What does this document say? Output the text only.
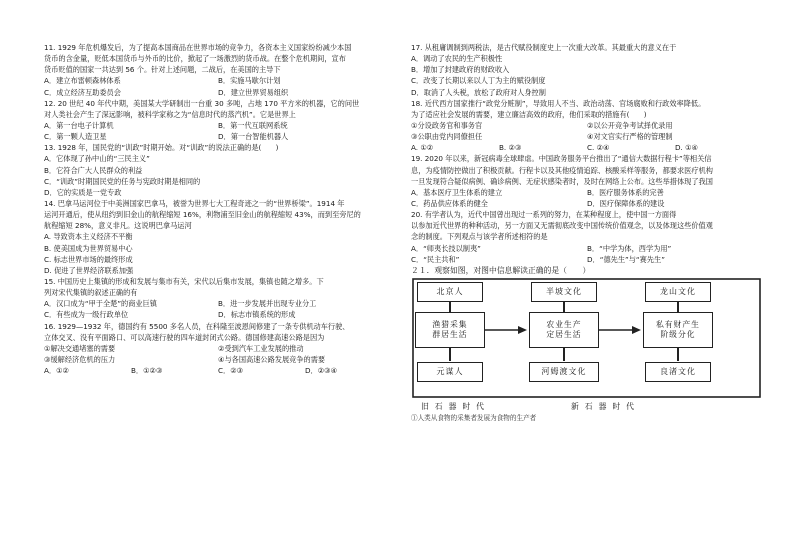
11. 1929 年危机爆发后，为了提高本国商品在世界市场的竞争力，各资本主义国家纷纷减少本国
货币的含金量，贬低本国货币与外币的比价，掀起了一场激烈的货币战。在整个危机期间，宣布
货币贬值的国家一共达到 56 个。针对上述问题，二战后，在美国的主导下
A．建立布雷顿森林体系	B．实施马歇尔计划
C．成立经济互助委员会	D．建立世界贸易组织
12. 20 世纪 40 年代中期，美国某大学研制出一台重 30 多吨，占地 170 平方米的机器，它的问世
对人类社会产生了深远影响，被科学家称之为“信息时代的蒸汽机”。它是世界上
A．第一台电子计算机	B．第一代互联网系统
C．第一颗人造卫星	D．第一台智能机器人
13. 1928 年，国民党的“训政”时期开始。对“训政”的说法正确的是(　　)
A．它体现了孙中山的“三民主义”
B．它符合广大人民群众的利益
C．“训政”时期国民党的任务与宪政时期是相同的
D．它的实质是一党专政
14. 巴拿马运河位于中美洲国家巴拿马，被誉为世界七大工程奇迹之一的“世界桥梁”。1914 年
运河开通后，使从纽约到旧金山的航程缩短 16%，利物浦至旧金山的航程缩短 43%，而到至旁尼的
航程缩短 28%，意义非凡。这说明巴拿马运河
A. 导致资本主义经济不平衡
B. 使美国成为世界贸易中心
C. 标志世界市场的最终形成
D. 促进了世界经济联系加强
15. 中国历史上集镇的形成和发展与集市有关，宋代以后集市发展，集镇也随之增多。下
列对宋代集镇的叙述正确的有
A．汉口成为“甲于全楚”的商业巨镇	B．进一步发展并出现专业分工
C．有些成为一级行政单位	D．标志市镇系统的形成
16. 1929—1932 年，德国约有 5500 多名人员，在科隆至波恩间修建了一条专供机动车行驶、
立体交叉、没有平面路口、可以高速行驶的四车道封闭式公路。德国修建高速公路是因为
①解决交通堵塞的需要	②受到汽车工业发展的推动
③缓解经济危机的压力	④与各国高速公路发展竞争的需要
A．①②	B．①②③	C．②③	D．②③④
17. 从租庸调制到两税法，是古代赋役制度史上一次重大改革。其最重大的意义在于
A．调动了农民的生产积极性
B．增加了封建政府的财政收入
C．改变了长期以来以人丁为主的赋役制度
D．取消了人头税，放松了政府对人身控制
18. 近代西方国家推行“政党分赃制”，导致用人不当、政治动荡、官场腐败和行政效率降低。
为了适应社会发展的需要，建立廉洁高效的政府，他们采取的措施有(　　)
①分设政务官和事务官	②以公开竞争考试择优录用
③公职由党内同僚担任	④对文官实行严格的管理制
A. ①②	B. ②③	C. ②④	D. ①④
19. 2020 年以来，新冠病毒全球肆虐。中国政务服务平台推出了“通信大数据行程卡”等相关信
息，为疫情防控做出了积极贡献。行程卡以及其他疫情追踪、核酸采样等服务，都要求医疗机构
一旦发现符合疑似病例、确诊病例、无症状感染者时，及时在网络上公布。这些举措体现了我国
A．基本医疗卫生体系的建立	B．医疗服务体系的完善
C．药品供应体系的健全	D．医疗保障体系的建设
20. 有学者认为，近代中国曾出现过一系列的努力，在某种程度上，使中国一方面得
以参加近代世界的种种活动，另一方面又无需彻底改变中国传统价值观念，以及体现这些价值观
念的制度。下列观点与该学者所述相符的是
A．“师夷长技以制夷”	B．“中学为体，西学为用”
C．“民主共和”	D．“德先生”与“赛先生”
２１．观察如图，对图中信息解读正确的是（　　）
北京人	半坡文化	龙山文化
渔猎采集
群居生活
农业生产
定居生活
私有财产生
阶级分化
元谋人	河姆渡文化	良渚文化
旧石器时代	新石器时代
①人类从食物的采集者发展为食物的生产者
